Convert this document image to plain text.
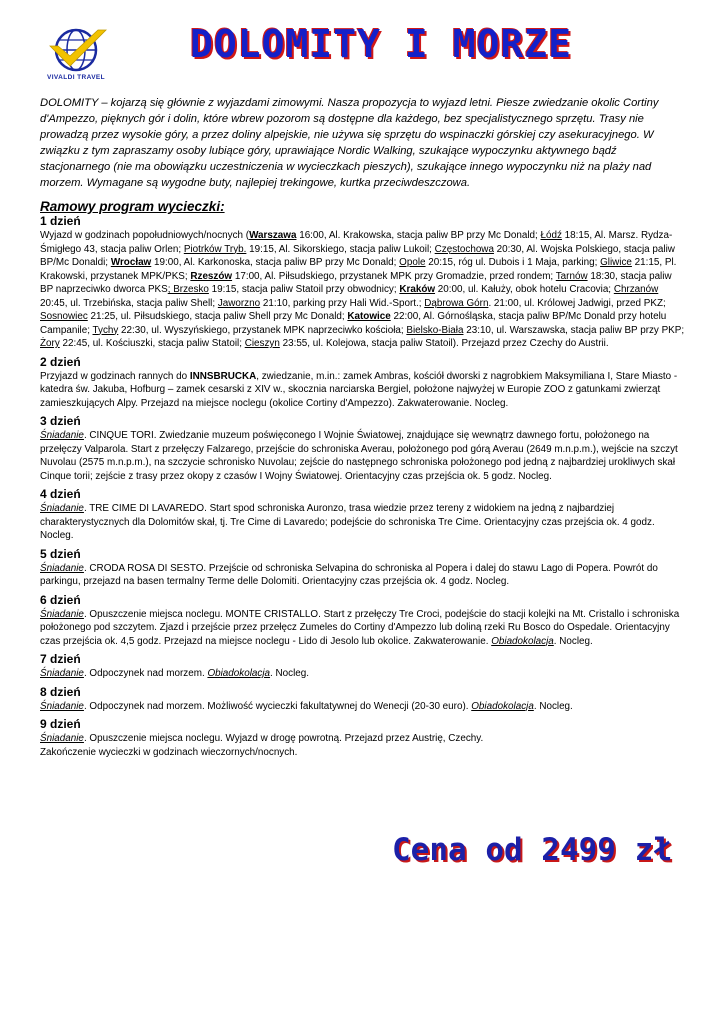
VIVALDI TRAVEL
DOLOMITY I MORZE

DOLOMITY – kojarzą się głównie z wyjazdami zimowymi. Nasza propozycja to wyjazd letni. Piesze zwiedzanie okolic Cortiny d'Ampezzo, pięknych gór i dolin, które wbrew pozorom są dostępne dla każdego, bez specjalistycznego sprzętu. Trasy nie prowadzą przez wysokie góry, a przez doliny alpejskie, nie używa się sprzętu do wspinaczki górskiej czy asekuracyjnego. W związku z tym zapraszamy osoby lubiące góry, uprawiające Nordic Walking, szukające wypoczynku aktywnego bądź stacjonarnego (nie ma obowiązku uczestniczenia w wycieczkach pieszych), szukające innego wypoczynku niż na plaży nad morzem. Wymagane są wygodne buty, najlepiej trekingowe, kurtka przeciwdeszczowa.

Ramowy program wycieczki:

1 dzień

Wyjazd w godzinach popołudniowych/nocnych (Warszawa 16:00, Al. Krakowska, stacja paliw BP przy Mc Donald; Łódź 18:15, Al. Marsz. Rydza-Śmigłego 43, stacja paliw Orlen; Piotrków Tryb. 19:15, Al. Sikorskiego, stacja paliw Lukoil; Częstochowa 20:30, Al. Wojska Polskiego, stacja paliw BP/Mc Donaldi; Wrocław 19:00, Al. Karkonoska, stacja paliw BP przy Mc Donald; Opole 20:15, róg ul. Dubois i 1 Maja, parking; Gliwice 21:15, Pl. Krakowski, przystanek MPK/PKS; Rzeszów 17:00, Al. Piłsudskiego, przystanek MPK przy Gromadzie, przed rondem; Tarnów 18:30, stacja paliw BP naprzeciwko dworca PKS; Brzesko 19:15, stacja paliw Statoil przy obwodnicy; Kraków 20:00, ul. Kałuży, obok hotelu Cracovia; Chrzanów 20:45, ul. Trzebińska, stacja paliw Shell; Jaworzno 21:10, parking przy Hali Wid.-Sport.; Dąbrowa Górn. 21:00, ul. Królowej Jadwigi, przed PKZ; Sosnowiec 21:25, ul. Piłsudskiego, stacja paliw Shell przy Mc Donald; Katowice 22:00, Al. Górnośląska, stacja paliw BP/Mc Donald przy hotelu Campanile; Tychy 22:30, ul. Wyszyńskiego, przystanek MPK naprzeciwko kościoła; Bielsko-Biała 23:10, ul. Warszawska, stacja paliw BP przy PKP; Żory 22:45, ul. Kościuszki, stacja paliw Statoil; Cieszyn 23:55, ul. Kolejowa, stacja paliw Statoil). Przejazd przez Czechy do Austrii.

2 dzień

Przyjazd w godzinach rannych do INNSBRUCKA, zwiedzanie, m.in.: zamek Ambras, kościół dworski z nagrobkiem Maksymiliana I, Stare Miasto - katedra św. Jakuba, Hofburg – zamek cesarski z XIV w., skocznia narciarska Bergiel, położone najwyżej w Europie ZOO z gatunkami zwierząt zamieszkujących Alpy. Przejazd na miejsce noclegu (okolice Cortiny d'Ampezzo). Zakwaterowanie. Nocleg.

3 dzień

Śniadanie. CINQUE TORI. Zwiedzanie muzeum poświęconego I Wojnie Światowej, znajdujące się wewnątrz dawnego fortu, położonego na przełęczy Valparola. Start z przełęczy Falzarego, przejście do schroniska Averau, położonego pod górą Averau (2649 m.n.p.m.), wejście na szczyt Nuvolau (2575 m.n.p.m.), na szczycie schronisko Nuvolau; zejście do następnego schroniska położonego pod jedną z najbardziej urokliwych skał Cinque torii; zejście z trasy przez okopy z czasów I Wojny Światowej. Orientacyjny czas przejścia ok. 5 godz. Nocleg.

4 dzień

Śniadanie. TRE CIME DI LAVAREDO. Start spod schroniska Auronzo, trasa wiedzie przez tereny z widokiem na jedną z najbardziej charakterystycznych dla Dolomitów skał, tj. Tre Cime di Lavaredo; podejście do schroniska Tre Cime. Orientacyjny czas przejścia ok. 4 godz. Nocleg.

5 dzień

Śniadanie. CRODA ROSA DI SESTO. Przejście od schroniska Selvapina do schroniska al Popera i dalej do stawu Lago di Popera. Powrót do parkingu, przejazd na basen termalny Terme delle Dolomiti. Orientacyjny czas przejścia ok. 4 godz. Nocleg.

6 dzień

Śniadanie. Opuszczenie miejsca noclegu. MONTE CRISTALLO. Start z przełęczy Tre Croci, podejście do stacji kolejki na Mt. Cristallo i schroniska położonego pod szczytem. Zjazd i przejście przez przełęcz Zumeles do Cortiny d'Ampezzo lub doliną rzeki Ru Bosco do Ospedale. Orientacyjny czas przejścia ok. 4,5 godz. Przejazd na miejsce noclegu - Lido di Jesolo lub okolice. Zakwaterowanie. Obiadokolacja. Nocleg.

7 dzień

Śniadanie. Odpoczynek nad morzem. Obiadokolacja. Nocleg.

8 dzień

Śniadanie. Odpoczynek nad morzem. Możliwość wycieczki fakultatywnej do Wenecji (20-30 euro). Obiadokolacja. Nocleg.

9 dzień

Śniadanie. Opuszczenie miejsca noclegu. Wyjazd w drogę powrotną. Przejazd przez Austrię, Czechy.
Zakończenie wycieczki w godzinach wieczornych/nocnych.

Cena od 2499 zł
